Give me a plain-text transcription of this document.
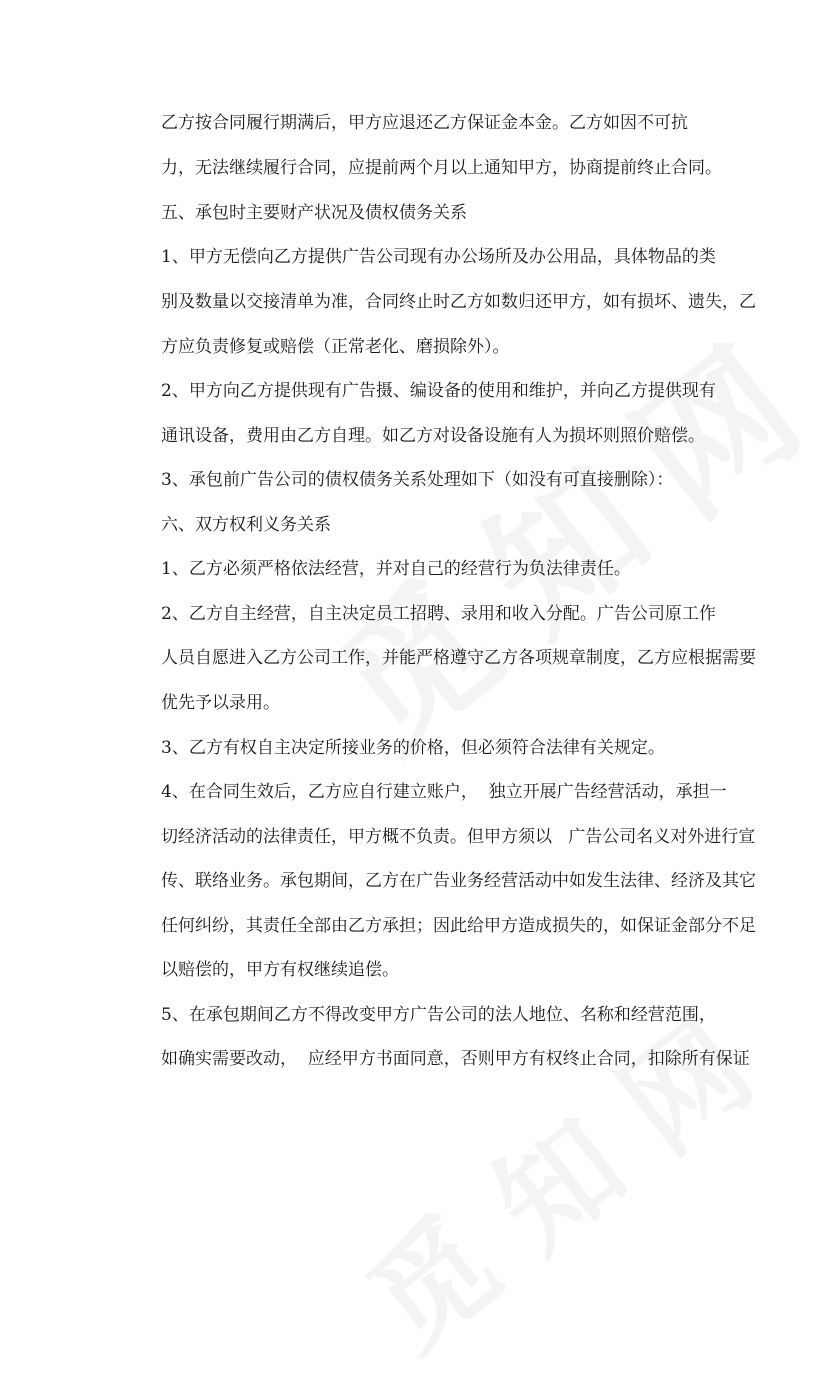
乙方按合同履行期满后，甲方应退还乙方保证金本金。乙方如因不可抗
力，无法继续履行合同，应提前两个月以上通知甲方，协商提前终止合同。
五、承包时主要财产状况及债权债务关系
1、甲方无偿向乙方提供广告公司现有办公场所及办公用品，具体物品的类
别及数量以交接清单为准，合同终止时乙方如数归还甲方，如有损坏、遗失，乙
方应负责修复或赔偿（正常老化、磨损除外）。
2、甲方向乙方提供现有广告摄、编设备的使用和维护，并向乙方提供现有
通讯设备，费用由乙方自理。如乙方对设备设施有人为损坏则照价赔偿。
3、承包前广告公司的债权债务关系处理如下（如没有可直接删除）：
六、双方权利义务关系
1、乙方必须严格依法经营，并对自己的经营行为负法律责任。
2、乙方自主经营，自主决定员工招聘、录用和收入分配。广告公司原工作
人员自愿进入乙方公司工作，并能严格遵守乙方各项规章制度，乙方应根据需要
优先予以录用。
3、乙方有权自主决定所接业务的价格，但必须符合法律有关规定。
4、在合同生效后，乙方应自行建立账户，  独立开展广告经营活动，承担一
切经济活动的法律责任，甲方概不负责。但甲方须以   广告公司名义对外进行宣
传、联络业务。承包期间，乙方在广告业务经营活动中如发生法律、经济及其它
任何纠纷，其责任全部由乙方承担；因此给甲方造成损失的，如保证金部分不足
以赔偿的，甲方有权继续追偿。
5、在承包期间乙方不得改变甲方广告公司的法人地位、名称和经营范围，
如确实需要改动，  应经甲方书面同意，否则甲方有权终止合同，扣除所有保证
